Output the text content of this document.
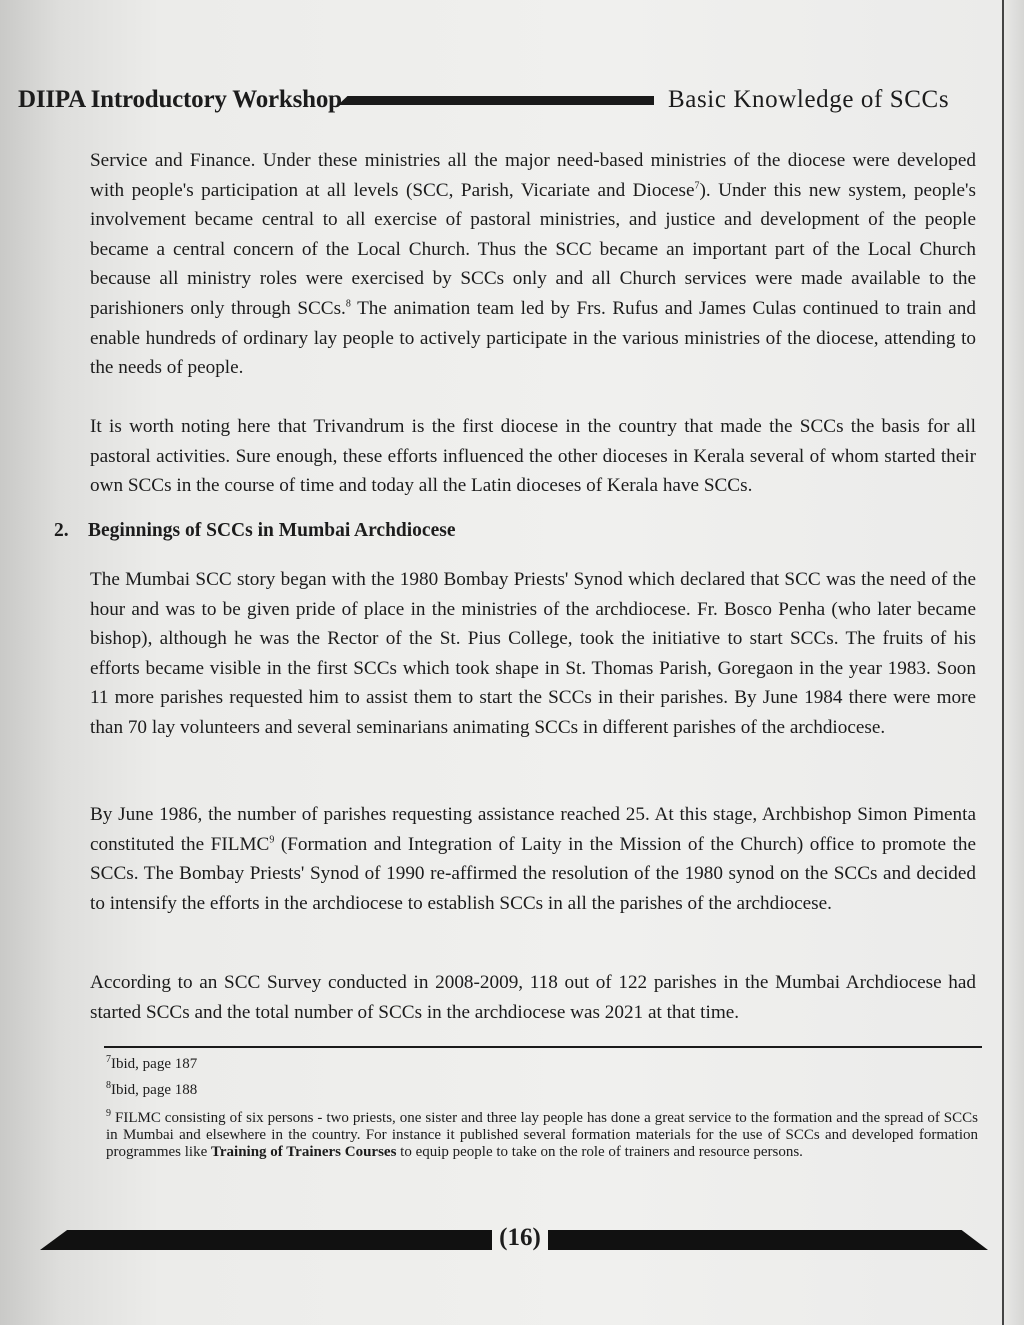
DIIPA Introductory Workshop	Basic Knowledge of SCCs
Service and Finance. Under these ministries all the major need-based ministries of the diocese were developed with people's participation at all levels (SCC, Parish, Vicariate and Diocese$^7$). Under this new system, people's involvement became central to all exercise of pastoral ministries, and justice and development of the people became a central concern of the Local Church. Thus the SCC became an important part of the Local Church because all ministry roles were exercised by SCCs only and all Church services were made available to the parishioners only through SCCs.$^8$ The animation team led by Frs. Rufus and James Culas continued to train and enable hundreds of ordinary lay people to actively participate in the various ministries of the diocese, attending to the needs of people.
It is worth noting here that Trivandrum is the first diocese in the country that made the SCCs the basis for all pastoral activities. Sure enough, these efforts influenced the other dioceses in Kerala several of whom started their own SCCs in the course of time and today all the Latin dioceses of Kerala have SCCs.
2. Beginnings of SCCs in Mumbai Archdiocese
The Mumbai SCC story began with the 1980 Bombay Priests' Synod which declared that SCC was the need of the hour and was to be given pride of place in the ministries of the archdiocese. Fr. Bosco Penha (who later became bishop), although he was the Rector of the St. Pius College, took the initiative to start SCCs. The fruits of his efforts became visible in the first SCCs which took shape in St. Thomas Parish, Goregaon in the year 1983. Soon 11 more parishes requested him to assist them to start the SCCs in their parishes. By June 1984 there were more than 70 lay volunteers and several seminarians animating SCCs in different parishes of the archdiocese.
By June 1986, the number of parishes requesting assistance reached 25. At this stage, Archbishop Simon Pimenta constituted the FILMC$^9$ (Formation and Integration of Laity in the Mission of the Church) office to promote the SCCs. The Bombay Priests' Synod of 1990 re-affirmed the resolution of the 1980 synod on the SCCs and decided to intensify the efforts in the archdiocese to establish SCCs in all the parishes of the archdiocese.
According to an SCC Survey conducted in 2008-2009, 118 out of 122 parishes in the Mumbai Archdiocese had started SCCs and the total number of SCCs in the archdiocese was 2021 at that time.
$^7$Ibid, page 187
$^8$Ibid, page 188
$^9$ FILMC consisting of six persons - two priests, one sister and three lay people has done a great service to the formation and the spread of SCCs in Mumbai and elsewhere in the country. For instance it published several formation materials for the use of SCCs and developed formation programmes like Training of Trainers Courses to equip people to take on the role of trainers and resource persons.
(16)
